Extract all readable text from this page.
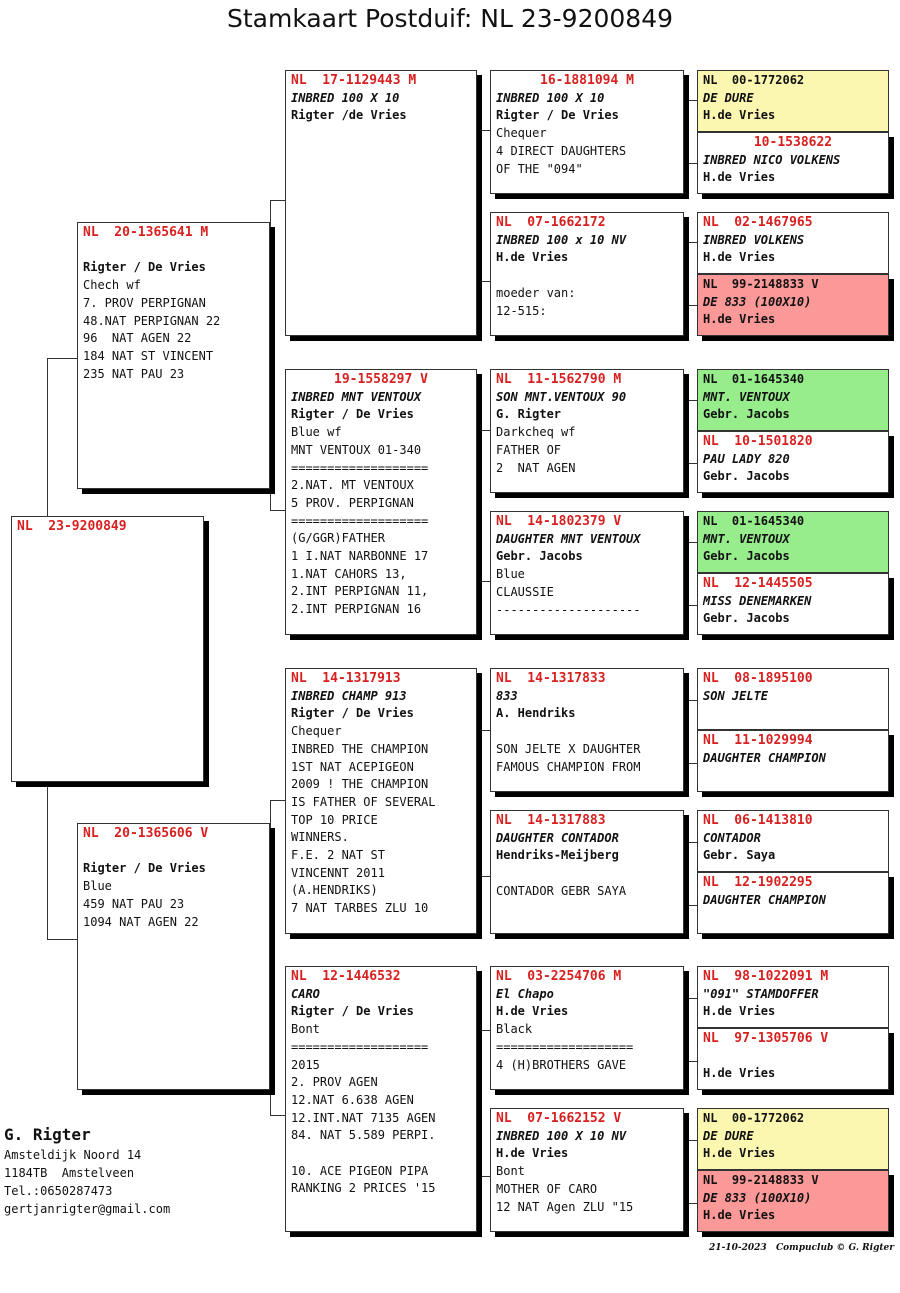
Stamkaart Postduif: NL 23-9200849
NL  23-9200849
NL  20-1365641 M
Rigter / De Vries
Chech wf
7. PROV PERPIGNAN
48.NAT PERPIGNAN 22
96  NAT AGEN 22
184 NAT ST VINCENT
235 NAT PAU 23
NL  20-1365606 V
Rigter / De Vries
Blue
459 NAT PAU 23
1094 NAT AGEN 22
NL  17-1129443 M
INBRED 100 X 10
Rigter /de Vries
19-1558297 V
INBRED MNT VENTOUX
Rigter / De Vries
Blue wf
MNT VENTOUX 01-340
===================
2.NAT. MT VENTOUX
5 PROV. PERPIGNAN
===================
(G/GGR)FATHER
1 I.NAT NARBONNE 17
1.NAT CAHORS 13,
2.INT PERPIGNAN 11,
2.INT PERPIGNAN 16
NL  14-1317913
INBRED CHAMP 913
Rigter / De Vries
Chequer
INBRED THE CHAMPION
1ST NAT ACEPIGEON
2009 ! THE CHAMPION
IS FATHER OF SEVERAL
TOP 10 PRICE
WINNERS.
F.E. 2 NAT ST
VINCENNT 2011
(A.HENDRIKS)
7 NAT TARBES ZLU 10
NL  12-1446532
CARO
Rigter / De Vries
Bont
===================
2015
2. PROV AGEN
12.NAT 6.638 AGEN
12.INT.NAT 7135 AGEN
84. NAT 5.589 PERPI.
10. ACE PIGEON PIPA
RANKING 2 PRICES '15
16-1881094 M
INBRED 100 X 10
Rigter / De Vries
Chequer
4 DIRECT DAUGHTERS
OF THE "094"
NL  07-1662172
INBRED 100 x 10 NV
H.de Vries
moeder van:
12-515:
NL  11-1562790 M
SON MNT.VENTOUX 90
G. Rigter
Darkcheq wf
FATHER OF
2  NAT AGEN
NL  14-1802379 V
DAUGHTER MNT VENTOUX
Gebr. Jacobs
Blue
CLAUSSIE
--------------------
NL  14-1317833
833
A. Hendriks
SON JELTE X DAUGHTER
FAMOUS CHAMPION FROM
NL  14-1317883
DAUGHTER CONTADOR
Hendriks-Meijberg
CONTADOR GEBR SAYA
NL  03-2254706 M
El Chapo
H.de Vries
Black
===================
4 (H)BROTHERS GAVE
NL  07-1662152 V
INBRED 100 X 10 NV
H.de Vries
Bont
MOTHER OF CARO
12 NAT Agen ZLU "15
NL  00-1772062
DE DURE
H.de Vries
10-1538622
INBRED NICO VOLKENS
H.de Vries
NL  02-1467965
INBRED VOLKENS
H.de Vries
NL  99-2148833 V
DE 833 (100X10)
H.de Vries
NL  01-1645340
MNT. VENTOUX
Gebr. Jacobs
NL  10-1501820
PAU LADY 820
Gebr. Jacobs
NL  01-1645340
MNT. VENTOUX
Gebr. Jacobs
NL  12-1445505
MISS DENEMARKEN
Gebr. Jacobs
NL  08-1895100
SON JELTE
NL  11-1029994
DAUGHTER CHAMPION
NL  06-1413810
CONTADOR
Gebr. Saya
NL  12-1902295
DAUGHTER CHAMPION
NL  98-1022091 M
"091" STAMDOFFER
H.de Vries
NL  97-1305706 V
H.de Vries
NL  00-1772062
DE DURE
H.de Vries
NL  99-2148833 V
DE 833 (100X10)
H.de Vries
G. Rigter
Amsteldijk Noord 14
1184TB  Amstelveen
Tel.:0650287473
gertjanrigter@gmail.com
21-10-2023   Compuclub © G. Rigter
